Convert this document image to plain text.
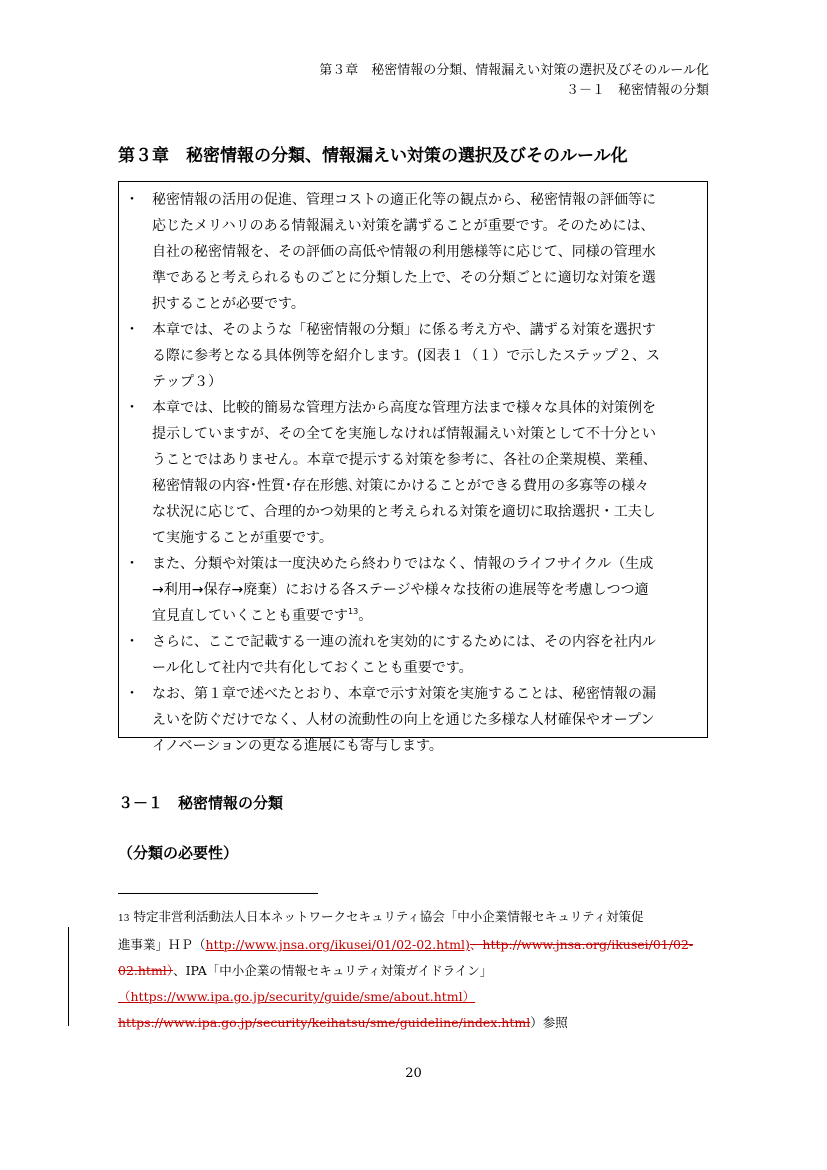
第３章　秘密情報の分類、情報漏えい対策の選択及びそのルール化
３－１　秘密情報の分類
第３章　秘密情報の分類、情報漏えい対策の選択及びそのルール化
・ 秘密情報の活用の促進、管理コストの適正化等の観点から、秘密情報の評価等に
応じたメリハリのある情報漏えい対策を講ずることが重要です。そのためには、
自社の秘密情報を、その評価の高低や情報の利用態様等に応じて、同様の管理水
準であると考えられるものごとに分類した上で、その分類ごとに適切な対策を選
択することが必要です。
・ 本章では、そのような「秘密情報の分類」に係る考え方や、講ずる対策を選択す
る際に参考となる具体例等を紹介します。(図表１（１）で示したステップ２、ス
テップ３）
・ 本章では、比較的簡易な管理方法から高度な管理方法まで様々な具体的対策例を
提示していますが、その全てを実施しなければ情報漏えい対策として不十分とい
うことではありません。本章で提示する対策を参考に、各社の企業規模、業種、
秘密情報の内容･性質･存在形態､対策にかけることができる費用の多寡等の様々
な状況に応じて、合理的かつ効果的と考えられる対策を適切に取捨選択・工夫し
て実施することが重要です。
・ また、分類や対策は一度決めたら終わりではなく、情報のライフサイクル（生成
→利用→保存→廃棄）における各ステージや様々な技術の進展等を考慮しつつ適
宜見直していくことも重要です$^{13}$。
・ さらに、ここで記載する一連の流れを実効的にするためには、その内容を社内ル
ール化して社内で共有化しておくことも重要です。
・ なお、第１章で述べたとおり、本章で示す対策を実施することは、秘密情報の漏
えいを防ぐだけでなく、人材の流動性の向上を通じた多様な人材確保やオープン
イノベーションの更なる進展にも寄与します。
３－１　秘密情報の分類
（分類の必要性）
13 特定非営利活動法人日本ネットワークセキュリティ協会「中小企業情報セキュリティ対策促
進事業」ＨＰ（http://www.jnsa.org/ikusei/01/02-02.html)、http://www.jnsa.org/ikusei/01/02-
02.html）、IPA「中小企業の情報セキュリティ対策ガイドライン」
（https://www.ipa.go.jp/security/guide/sme/about.html）
https://www.ipa.go.jp/security/keihatsu/sme/guideline/index.html）参照
20
